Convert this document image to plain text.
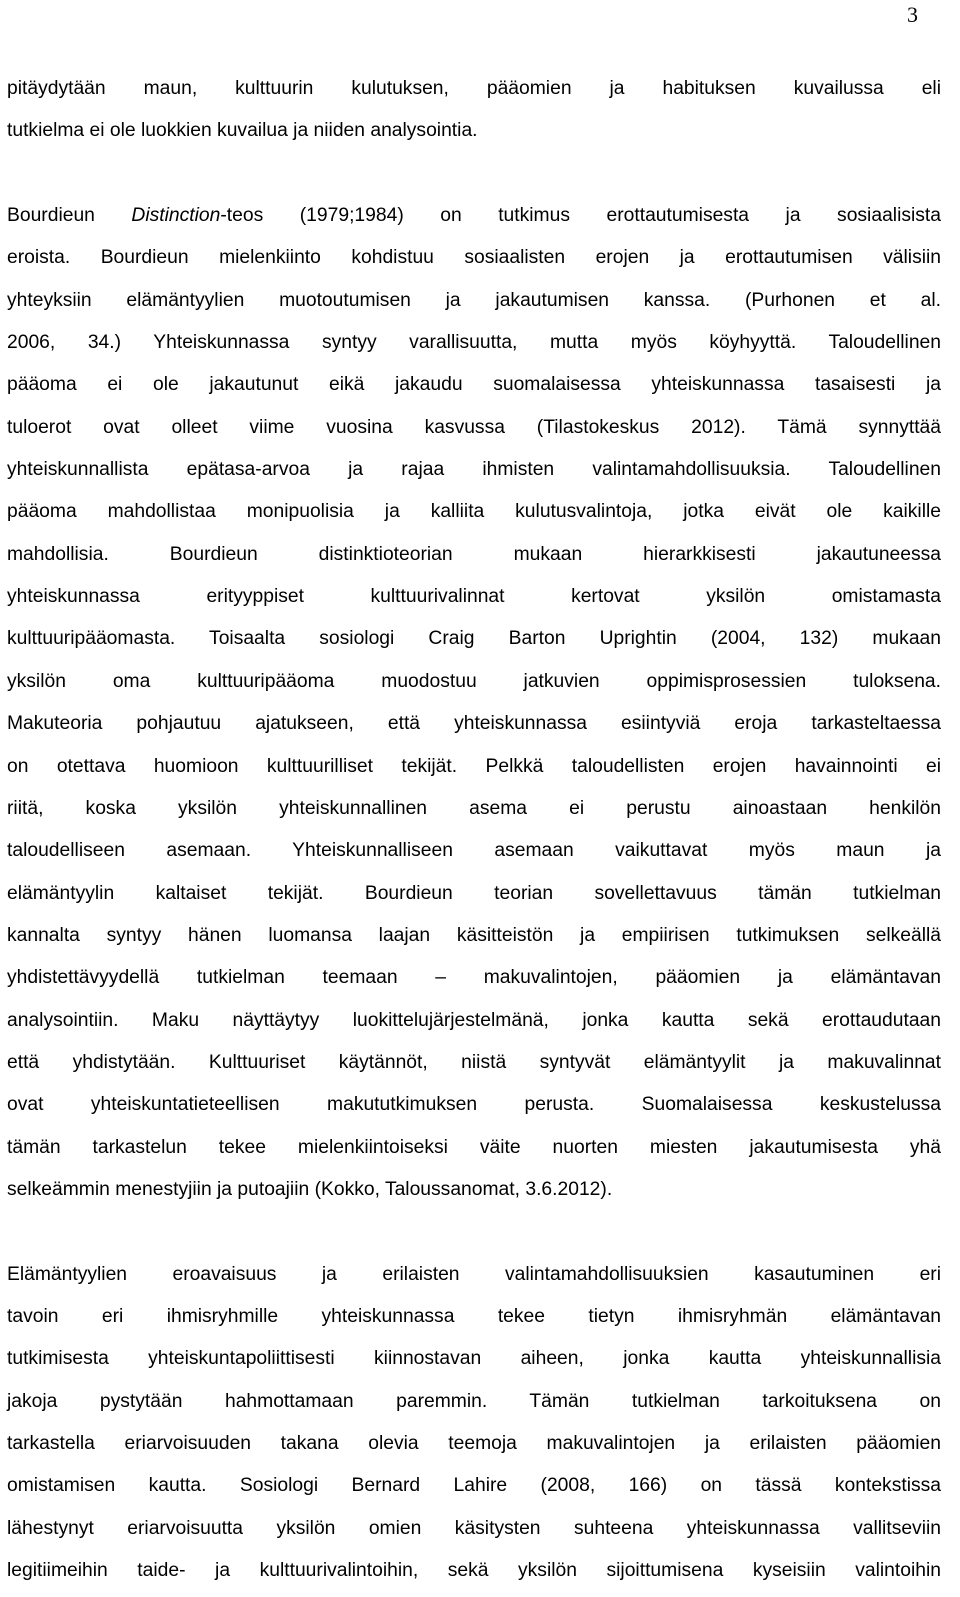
3
pitäydytään maun, kulttuurin kulutuksen, pääomien ja habituksen kuvailussa eli
tutkielma ei ole luokkien kuvailua ja niiden analysointia.
Bourdieun Distinction-teos (1979;1984) on tutkimus erottautumisesta ja sosiaalisista
eroista. Bourdieun mielenkiinto kohdistuu sosiaalisten erojen ja erottautumisen välisiin
yhteyksiin elämäntyylien muotoutumisen ja jakautumisen kanssa. (Purhonen et al.
2006, 34.) Yhteiskunnassa syntyy varallisuutta, mutta myös köyhyyttä. Taloudellinen
pääoma ei ole jakautunut eikä jakaudu suomalaisessa yhteiskunnassa tasaisesti ja
tuloerot ovat olleet viime vuosina kasvussa (Tilastokeskus 2012). Tämä synnyttää
yhteiskunnallista epätasa-arvoa ja rajaa ihmisten valintamahdollisuuksia. Taloudellinen
pääoma mahdollistaa monipuolisia ja kalliita kulutusvalintoja, jotka eivät ole kaikille
mahdollisia. Bourdieun distinktioteorian mukaan hierarkkisesti jakautuneessa
yhteiskunnassa erityyppiset kulttuurivalinnat kertovat yksilön omistamasta
kulttuuripääomasta. Toisaalta sosiologi Craig Barton Uprightin (2004, 132) mukaan
yksilön oma kulttuuripääoma muodostuu jatkuvien oppimisprosessien tuloksena.
Makuteoria pohjautuu ajatukseen, että yhteiskunnassa esiintyviä eroja tarkasteltaessa
on otettava huomioon kulttuurilliset tekijät. Pelkkä taloudellisten erojen havainnointi ei
riitä, koska yksilön yhteiskunnallinen asema ei perustu ainoastaan henkilön
taloudelliseen asemaan. Yhteiskunnalliseen asemaan vaikuttavat myös maun ja
elämäntyylin kaltaiset tekijät. Bourdieun teorian sovellettavuus tämän tutkielman
kannalta syntyy hänen luomansa laajan käsitteistön ja empiirisen tutkimuksen selkeällä
yhdistettävyydellä tutkielman teemaan – makuvalintojen, pääomien ja elämäntavan
analysointiin. Maku näyttäytyy luokittelujärjestelmänä, jonka kautta sekä erottaudutaan
että yhdistytään. Kulttuuriset käytännöt, niistä syntyvät elämäntyylit ja makuvalinnat
ovat yhteiskuntatieteellisen makututkimuksen perusta. Suomalaisessa keskustelussa
tämän tarkastelun tekee mielenkiintoiseksi väite nuorten miesten jakautumisesta yhä
selkeämmin menestyjiin ja putoajiin (Kokko, Taloussanomat, 3.6.2012).
Elämäntyylien eroavaisuus ja erilaisten valintamahdollisuuksien kasautuminen eri
tavoin eri ihmisryhmille yhteiskunnassa tekee tietyn ihmisryhmän elämäntavan
tutkimisesta yhteiskuntapoliittisesti kiinnostavan aiheen, jonka kautta yhteiskunnallisia
jakoja pystytään hahmottamaan paremmin. Tämän tutkielman tarkoituksena on
tarkastella eriarvoisuuden takana olevia teemoja makuvalintojen ja erilaisten pääomien
omistamisen kautta. Sosiologi Bernard Lahire (2008, 166) on tässä kontekstissa
lähestynyt eriarvoisuutta yksilön omien käsitysten suhteena yhteiskunnassa vallitseviin
legitiimeihin taide- ja kulttuurivalintoihin, sekä yksilön sijoittumisena kyseisiin valintoihin
